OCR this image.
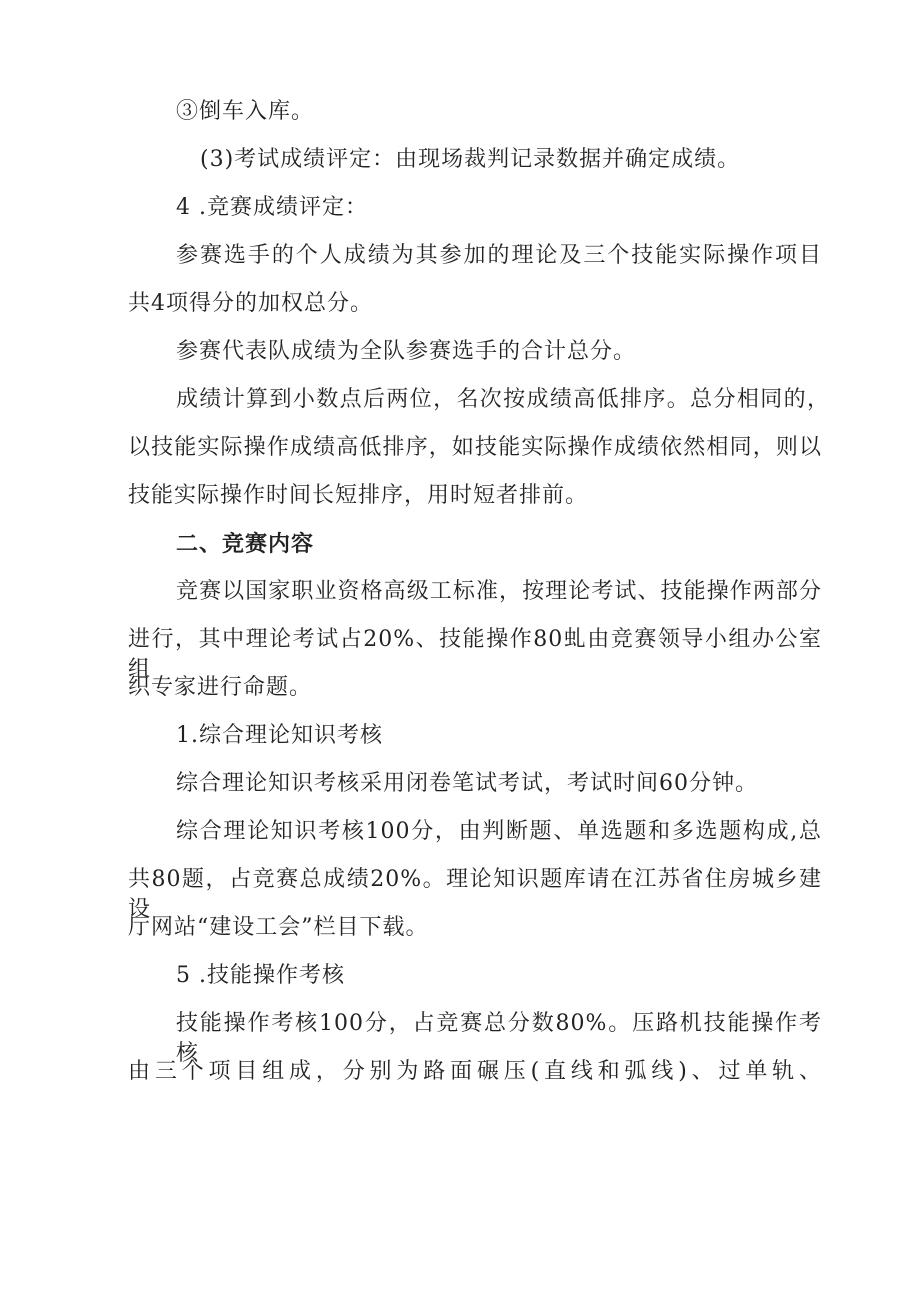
③倒车入库。
(3)考试成绩评定：由现场裁判记录数据并确定成绩。
4 .竞赛成绩评定：
参赛选手的个人成绩为其参加的理论及三个技能实际操作项目
共4项得分的加权总分。
参赛代表队成绩为全队参赛选手的合计总分。
成绩计算到小数点后两位，名次按成绩高低排序。总分相同的，
以技能实际操作成绩高低排序，如技能实际操作成绩依然相同，则以
技能实际操作时间长短排序，用时短者排前。
二、竞赛内容
竞赛以国家职业资格高级工标准，按理论考试、技能操作两部分
进行，其中理论考试占20%、技能操作80虬由竞赛领导小组办公室组
织专家进行命题。
1.综合理论知识考核
综合理论知识考核采用闭卷笔试考试，考试时间60分钟。
综合理论知识考核100分，由判断题、单选题和多选题构成,总
共80题，占竞赛总成绩20%。理论知识题库请在江苏省住房城乡建设
厅网站“建设工会”栏目下载。
5 .技能操作考核
技能操作考核100分，占竞赛总分数80%。压路机技能操作考核
由三个项目组成，分别为路面碾压(直线和弧线)、过单轨、
